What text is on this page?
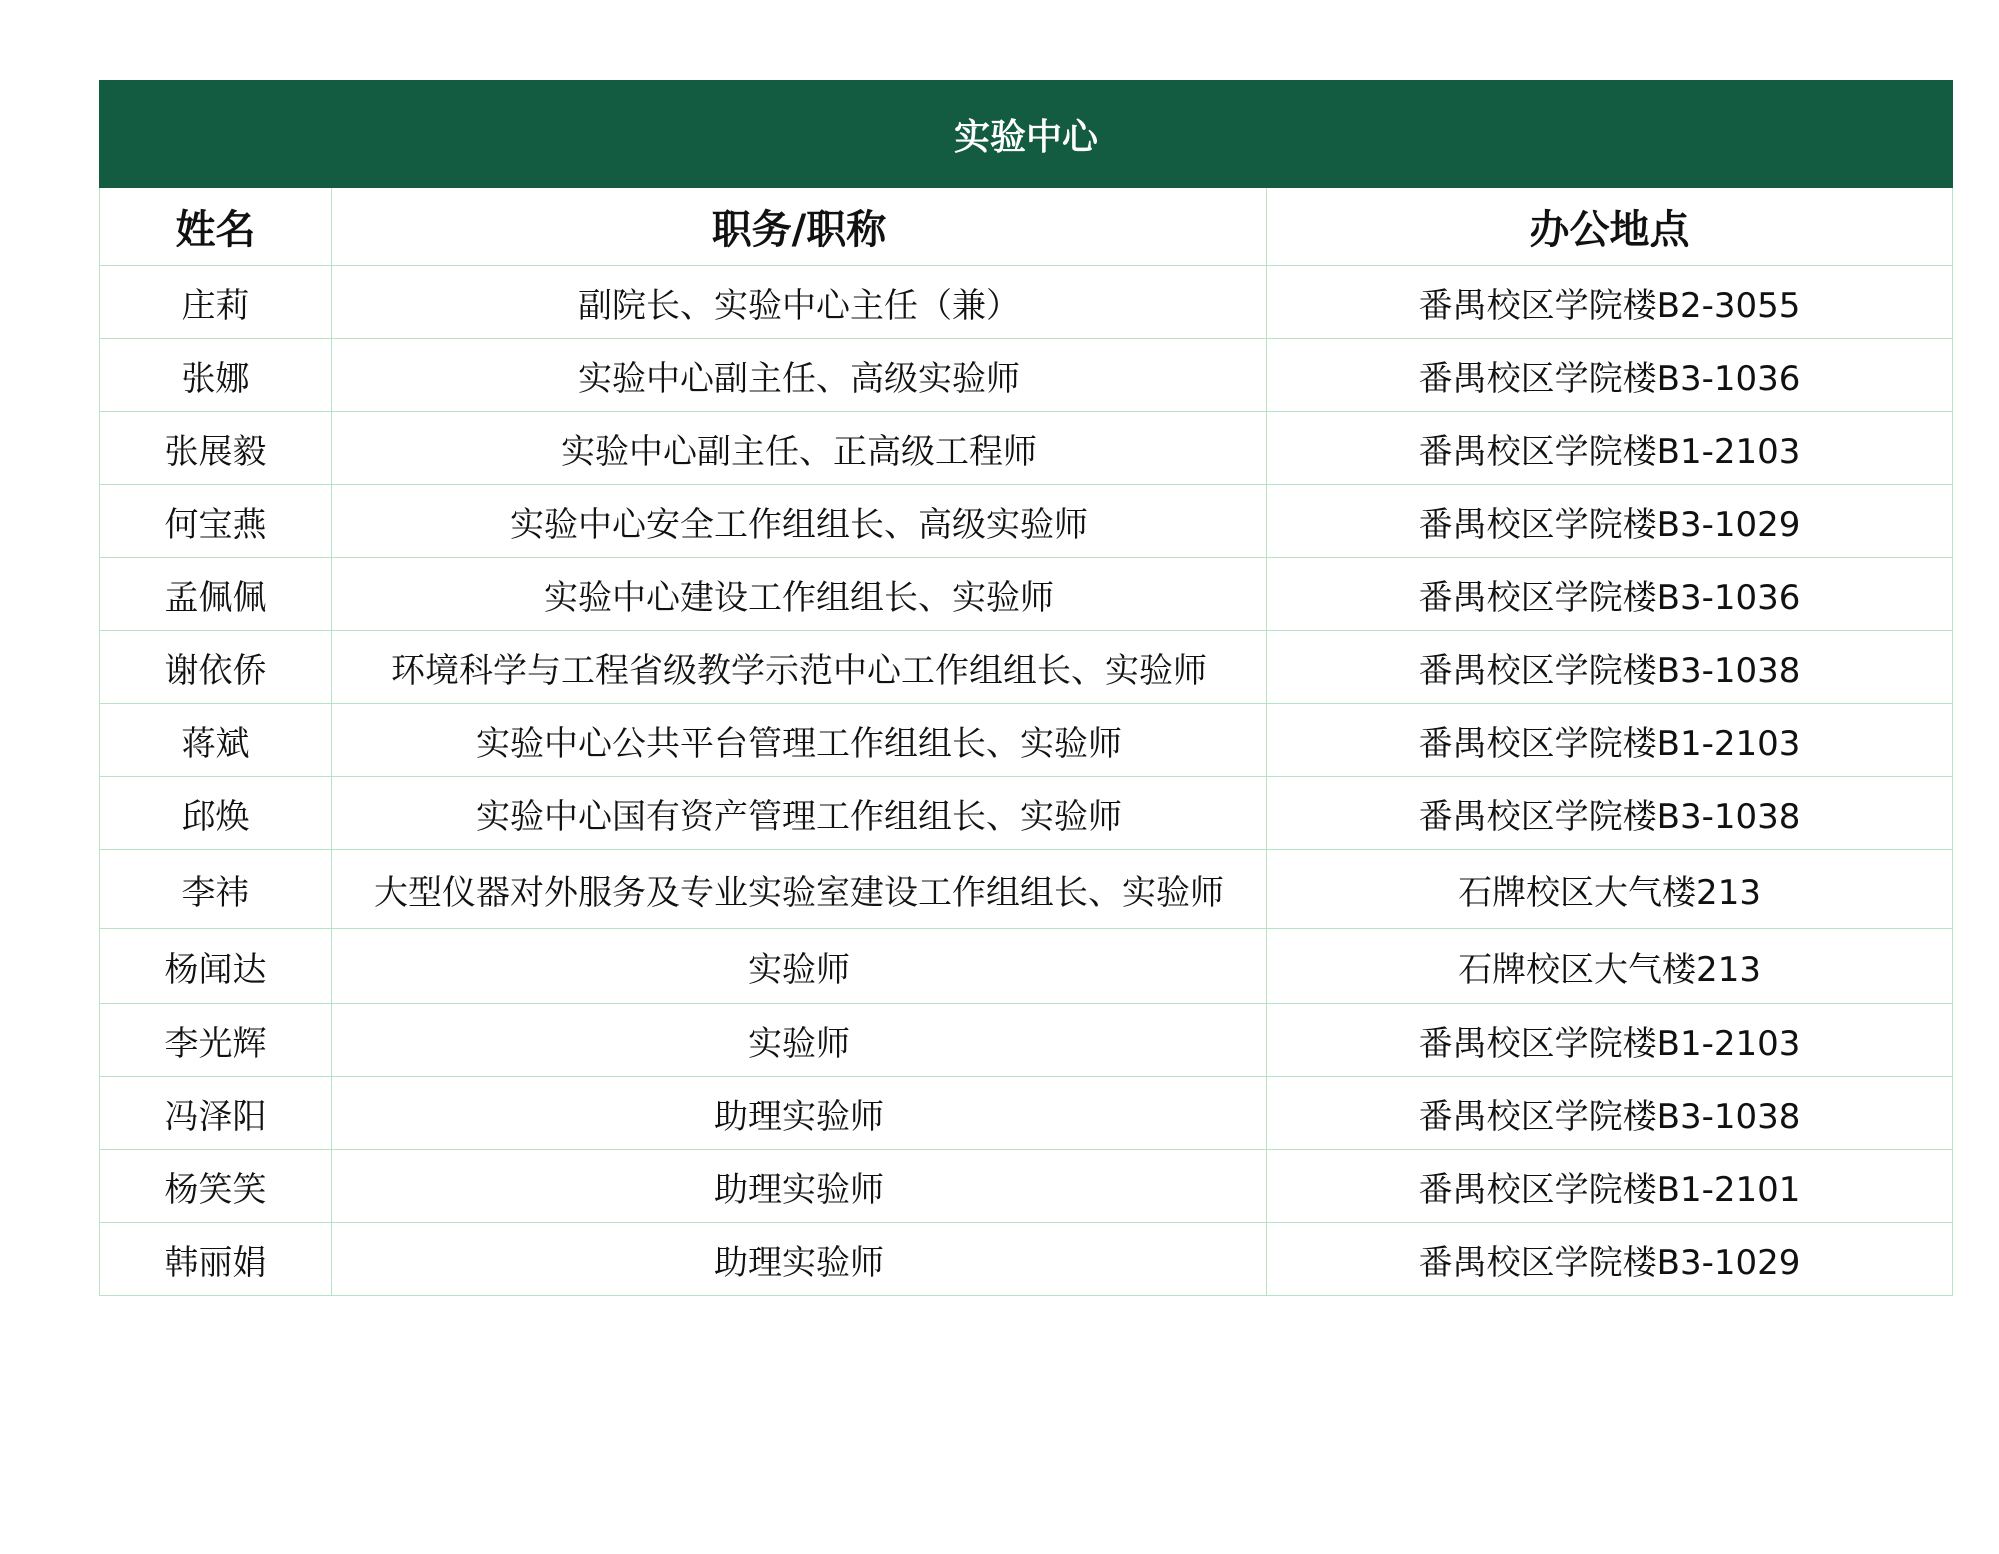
实验中心		
姓名	职务/职称	办公地点
庄莉	副院长、实验中心主任（兼）	番禺校区学院楼B2-3055
张娜	实验中心副主任、高级实验师	番禺校区学院楼B3-1036
张展毅	实验中心副主任、正高级工程师	番禺校区学院楼B1-2103
何宝燕	实验中心安全工作组组长、高级实验师	番禺校区学院楼B3-1029
孟佩佩	实验中心建设工作组组长、实验师	番禺校区学院楼B3-1036
谢依侨	环境科学与工程省级教学示范中心工作组组长、实验师	番禺校区学院楼B3-1038
蒋斌	实验中心公共平台管理工作组组长、实验师	番禺校区学院楼B1-2103
邱焕	实验中心国有资产管理工作组组长、实验师	番禺校区学院楼B3-1038
李祎	大型仪器对外服务及专业实验室建设工作组组长、实验师	石牌校区大气楼213
杨闻达	实验师	石牌校区大气楼213
李光辉	实验师	番禺校区学院楼B1-2103
冯泽阳	助理实验师	番禺校区学院楼B3-1038
杨笑笑	助理实验师	番禺校区学院楼B1-2101
韩丽娟	助理实验师	番禺校区学院楼B3-1029
